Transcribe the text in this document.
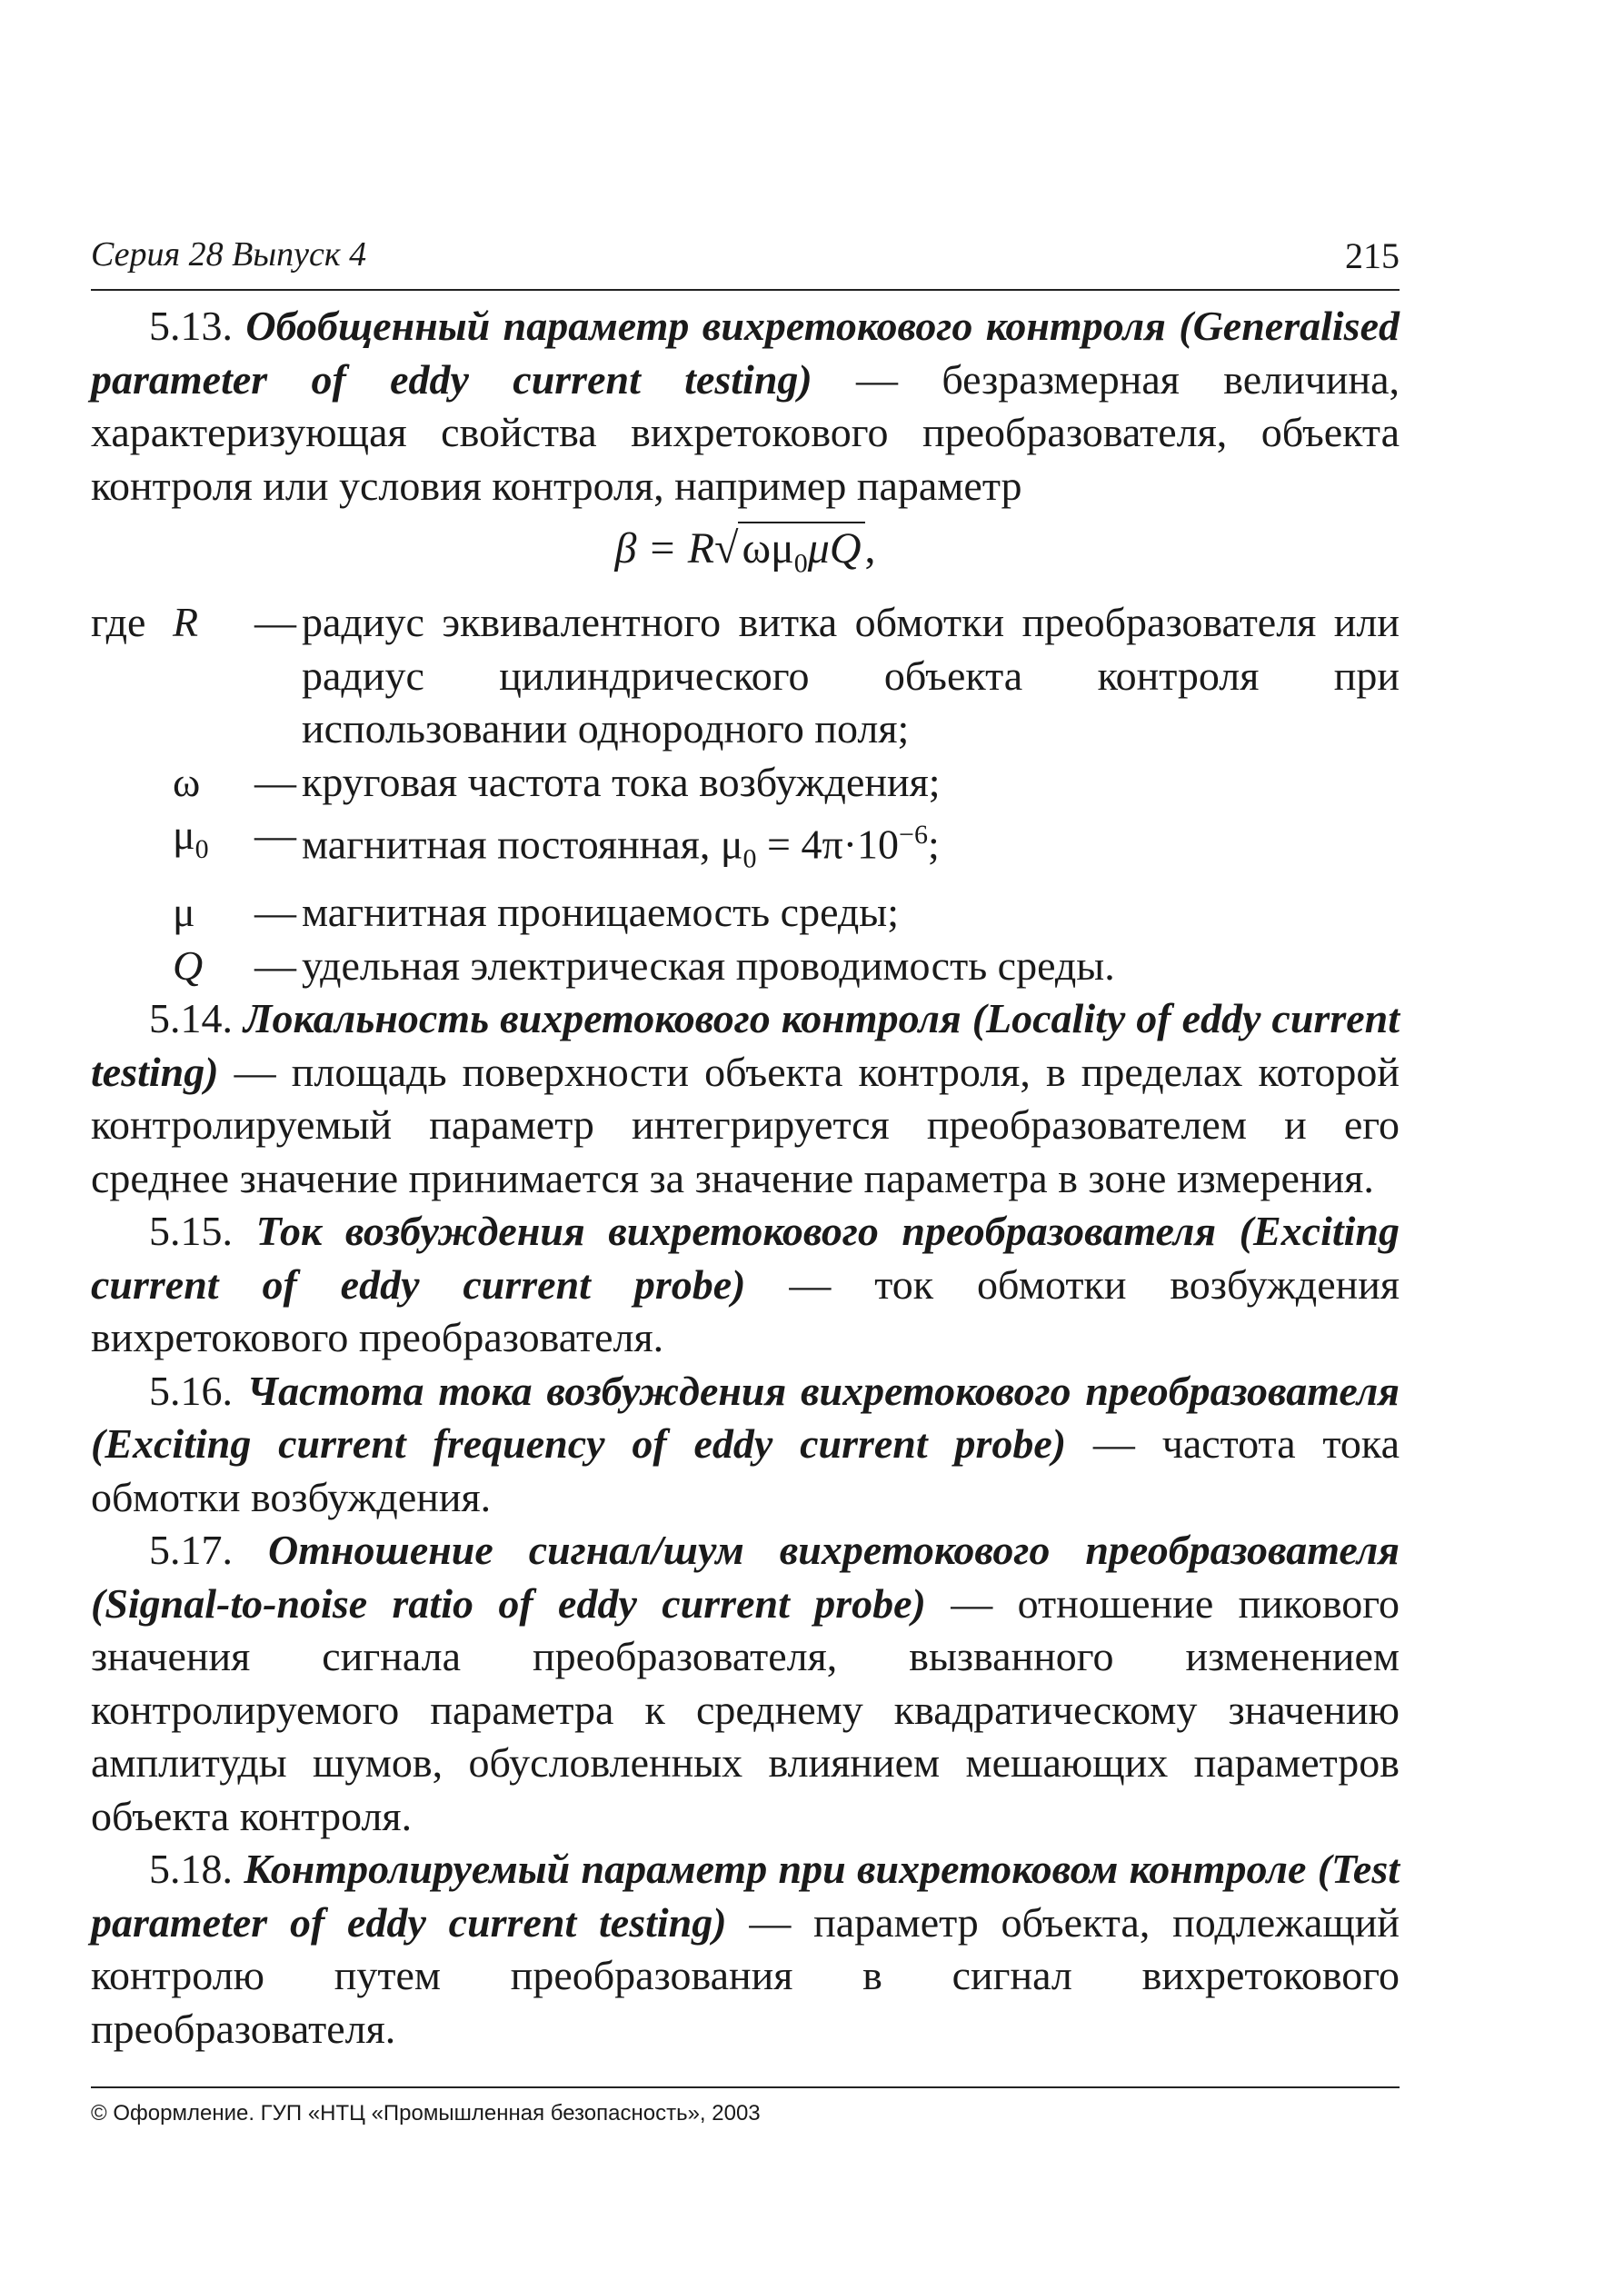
Серия 28 Выпуск 4	215

5.13. Обобщенный параметр вихретокового контроля (Generalised parameter of eddy current testing) — безразмерная величина, характеризующая свойства вихретокового преобразователя, объекта контроля или условия контроля, например параметр

$\beta = R√\omega\mu_0\mu Q$,
где	R	—	радиус эквивалентного витка обмотки преобразователя или радиус цилиндрического объекта контроля при использовании однородного поля;
	ω	—	круговая частота тока возбуждения;
	$\mu_0$	—	магнитная постоянная, $\mu_0 = 4\pi\cdot 10^{-6}$;
	μ	—	магнитная проницаемость среды;
	Q	—	удельная электрическая проводимость среды.

5.14. Локальность вихретокового контроля (Locality of eddy current testing) — площадь поверхности объекта контроля, в пределах которой контролируемый параметр интегрируется преобразователем и его среднее значение принимается за значение параметра в зоне измерения.

5.15. Ток возбуждения вихретокового преобразователя (Exciting current of eddy current probe) — ток обмотки возбуждения вихретокового преобразователя.

5.16. Частота тока возбуждения вихретокового преобразователя (Exciting current frequency of eddy current probe) — частота тока обмотки возбуждения.

5.17. Отношение сигнал/шум вихретокового преобразователя (Signal-to-noise ratio of eddy current probe) — отношение пикового значения сигнала преобразователя, вызванного изменением контролируемого параметра к среднему квадратическому значению амплитуды шумов, обусловленных влиянием мешающих параметров объекта контроля.

5.18. Контролируемый параметр при вихретоковом контроле (Test parameter of eddy current testing) — параметр объекта, подлежащий контролю путем преобразования в сигнал вихретокового преобразователя.

© Оформление. ГУП «НТЦ «Промышленная безопасность», 2003
